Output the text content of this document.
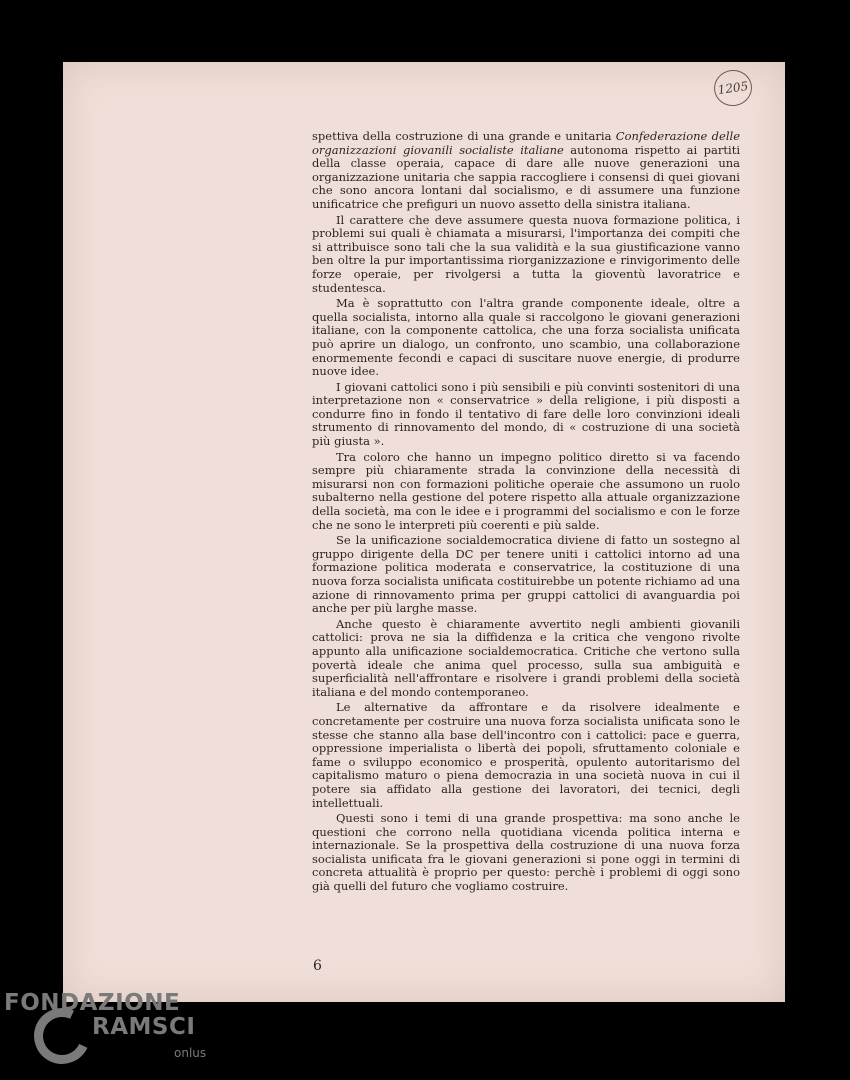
1205

spettiva della costruzione di una grande e unitaria Confederazione delle organizzazioni giovanili socialiste italiane autonoma rispetto ai partiti della classe operaia, capace di dare alle nuove generazioni una organizzazione unitaria che sappia raccogliere i consensi di quei giovani che sono ancora lontani dal socialismo, e di assumere una funzione unificatrice che prefiguri un nuovo assetto della sinistra italiana.

Il carattere che deve assumere questa nuova formazione politica, i problemi sui quali è chiamata a misurarsi, l'importanza dei compiti che si attribuisce sono tali che la sua validità e la sua giustificazione vanno ben oltre la pur importantissima riorganizzazione e rinvigorimento delle forze operaie, per rivolgersi a tutta la gioventù lavoratrice e studentesca.

Ma è soprattutto con l'altra grande componente ideale, oltre a quella socialista, intorno alla quale si raccolgono le giovani generazioni italiane, con la componente cattolica, che una forza socialista unificata può aprire un dialogo, un confronto, uno scambio, una collaborazione enormemente fecondi e capaci di suscitare nuove energie, di produrre nuove idee.

I giovani cattolici sono i più sensibili e più convinti sostenitori di una interpretazione non « conservatrice » della religione, i più disposti a condurre fino in fondo il tentativo di fare delle loro convinzioni ideali strumento di rinnovamento del mondo, di « costruzione di una società più giusta ».

Tra coloro che hanno un impegno politico diretto si va facendo sempre più chiaramente strada la convinzione della necessità di misurarsi non con formazioni politiche operaie che assumono un ruolo subalterno nella gestione del potere rispetto alla attuale organizzazione della società, ma con le idee e i programmi del socialismo e con le forze che ne sono le interpreti più coerenti e più salde.

Se la unificazione socialdemocratica diviene di fatto un sostegno al gruppo dirigente della DC per tenere uniti i cattolici intorno ad una formazione politica moderata e conservatrice, la costituzione di una nuova forza socialista unificata costituirebbe un potente richiamo ad una azione di rinnovamento prima per gruppi cattolici di avanguardia poi anche per più larghe masse.

Anche questo è chiaramente avvertito negli ambienti giovanili cattolici: prova ne sia la diffidenza e la critica che vengono rivolte appunto alla unificazione socialdemocratica. Critiche che vertono sulla povertà ideale che anima quel processo, sulla sua ambiguità e superficialità nell'affrontare e risolvere i grandi problemi della società italiana e del mondo contemporaneo.

Le alternative da affrontare e da risolvere idealmente e concretamente per costruire una nuova forza socialista unificata sono le stesse che stanno alla base dell'incontro con i cattolici: pace e guerra, oppressione imperialista o libertà dei popoli, sfruttamento coloniale e fame o sviluppo economico e prosperità, opulento autoritarismo del capitalismo maturo o piena democrazia in una società nuova in cui il potere sia affidato alla gestione dei lavoratori, dei tecnici, degli intellettuali.

Questi sono i temi di una grande prospettiva: ma sono anche le questioni che corrono nella quotidiana vicenda politica interna e internazionale. Se la prospettiva della costruzione di una nuova forza socialista unificata fra le giovani generazioni si pone oggi in termini di concreta attualità è proprio per questo: perchè i problemi di oggi sono già quelli del futuro che vogliamo costruire.

6
FONDAZIONE
RAMSCI
onlus
